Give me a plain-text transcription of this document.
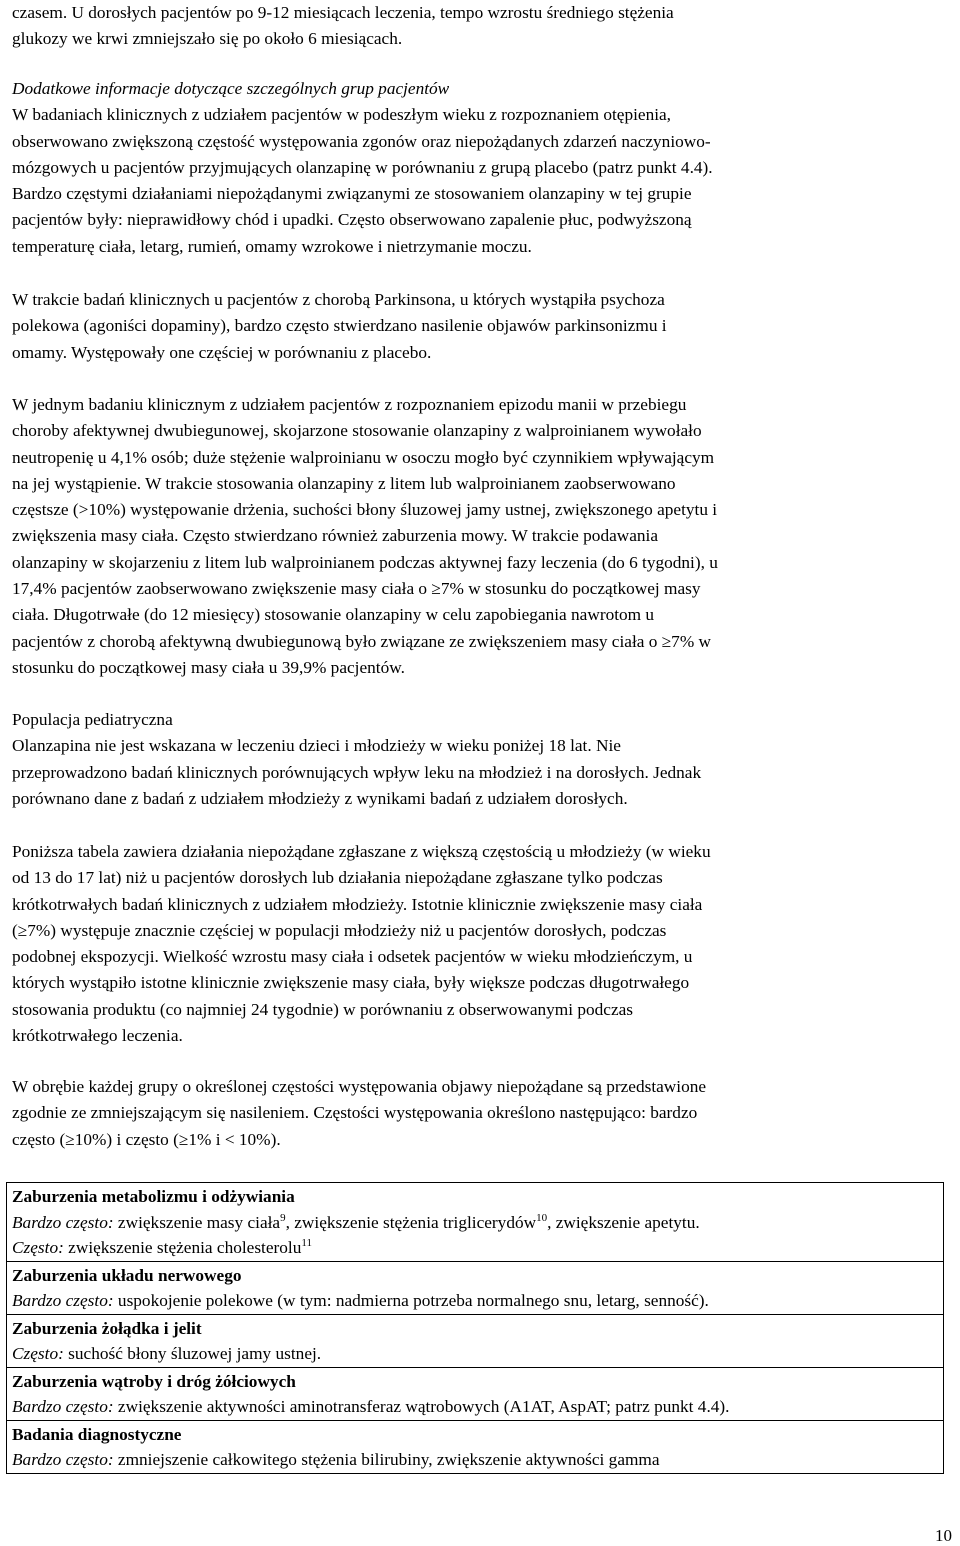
czasem. U dorosłych pacjentów po 9-12 miesiącach leczenia, tempo wzrostu średniego stężenia
glukozy we krwi zmniejszało się po około 6 miesiącach.
Dodatkowe informacje dotyczące szczególnych grup pacjentów
W badaniach klinicznych z udziałem pacjentów w podeszłym wieku z rozpoznaniem otępienia,
obserwowano zwiększoną częstość występowania zgonów oraz niepożądanych zdarzeń naczyniowo-
mózgowych u pacjentów przyjmujących olanzapinę w porównaniu z grupą placebo (patrz punkt 4.4).
Bardzo częstymi działaniami niepożądanymi związanymi ze stosowaniem olanzapiny w tej grupie
pacjentów były: nieprawidłowy chód i upadki. Często obserwowano zapalenie płuc, podwyższoną
temperaturę ciała, letarg, rumień, omamy wzrokowe i nietrzymanie moczu.
W trakcie badań klinicznych u pacjentów z chorobą Parkinsona, u których wystąpiła psychoza
polekowa (agoniści dopaminy), bardzo często stwierdzano nasilenie objawów parkinsonizmu i
omamy. Występowały one częściej w porównaniu z placebo.
W jednym badaniu klinicznym z udziałem pacjentów z rozpoznaniem epizodu manii w przebiegu
choroby afektywnej dwubiegunowej, skojarzone stosowanie olanzapiny z walproinianem wywołało
neutropenię u 4,1% osób; duże stężenie walproinianu w osoczu mogło być czynnikiem wpływającym
na jej wystąpienie. W trakcie stosowania olanzapiny z litem lub walproinianem zaobserwowano
częstsze (>10%) występowanie drżenia, suchości błony śluzowej jamy ustnej, zwiększonego apetytu i
zwiększenia masy ciała. Często stwierdzano również zaburzenia mowy. W trakcie podawania
olanzapiny w skojarzeniu z litem lub walproinianem podczas aktywnej fazy leczenia (do 6 tygodni), u
17,4% pacjentów zaobserwowano zwiększenie masy ciała o ≥7% w stosunku do początkowej masy
ciała. Długotrwałe (do 12 miesięcy) stosowanie olanzapiny w celu zapobiegania nawrotom u
pacjentów z chorobą afektywną dwubiegunową było związane ze zwiększeniem masy ciała o ≥7% w
stosunku do początkowej masy ciała u 39,9% pacjentów.
Populacja pediatryczna
Olanzapina nie jest wskazana w leczeniu dzieci i młodzieży w wieku poniżej 18 lat. Nie
przeprowadzono badań klinicznych porównujących wpływ leku na młodzież i na dorosłych. Jednak
porównano dane z badań z udziałem młodzieży z wynikami badań z udziałem dorosłych.
Poniższa tabela zawiera działania niepożądane zgłaszane z większą częstością u młodzieży (w wieku
od 13 do 17 lat) niż u pacjentów dorosłych lub działania niepożądane zgłaszane tylko podczas
krótkotrwałych badań klinicznych z udziałem młodzieży. Istotnie klinicznie zwiększenie masy ciała
(≥7%) występuje znacznie częściej w populacji młodzieży niż u pacjentów dorosłych, podczas
podobnej ekspozycji. Wielkość wzrostu masy ciała i odsetek pacjentów w wieku młodzieńczym, u
których wystąpiło istotne klinicznie zwiększenie masy ciała, były większe podczas długotrwałego
stosowania produktu (co najmniej 24 tygodnie) w porównaniu z obserwowanymi podczas
krótkotrwałego leczenia.
W obrębie każdej grupy o określonej częstości występowania objawy niepożądane są przedstawione
zgodnie ze zmniejszającym się nasileniem. Częstości występowania określono następująco: bardzo
często (≥10%) i często (≥1% i < 10%).
Zaburzenia metabolizmu i odżywiania
Bardzo często: zwiększenie masy ciała$^9$, zwiększenie stężenia triglicerydów$^{10}$, zwiększenie apetytu.
Często: zwiększenie stężenia cholesterolu$^{11}$
Zaburzenia układu nerwowego
Bardzo często: uspokojenie polekowe (w tym: nadmierna potrzeba normalnego snu, letarg, senność).
Zaburzenia żołądka i jelit
Często: suchość błony śluzowej jamy ustnej.
Zaburzenia wątroby i dróg żółciowych
Bardzo często: zwiększenie aktywności aminotransferaz wątrobowych (A1AT, AspAT; patrz punkt 4.4).
Badania diagnostyczne
Bardzo często: zmniejszenie całkowitego stężenia bilirubiny, zwiększenie aktywności gamma
10
